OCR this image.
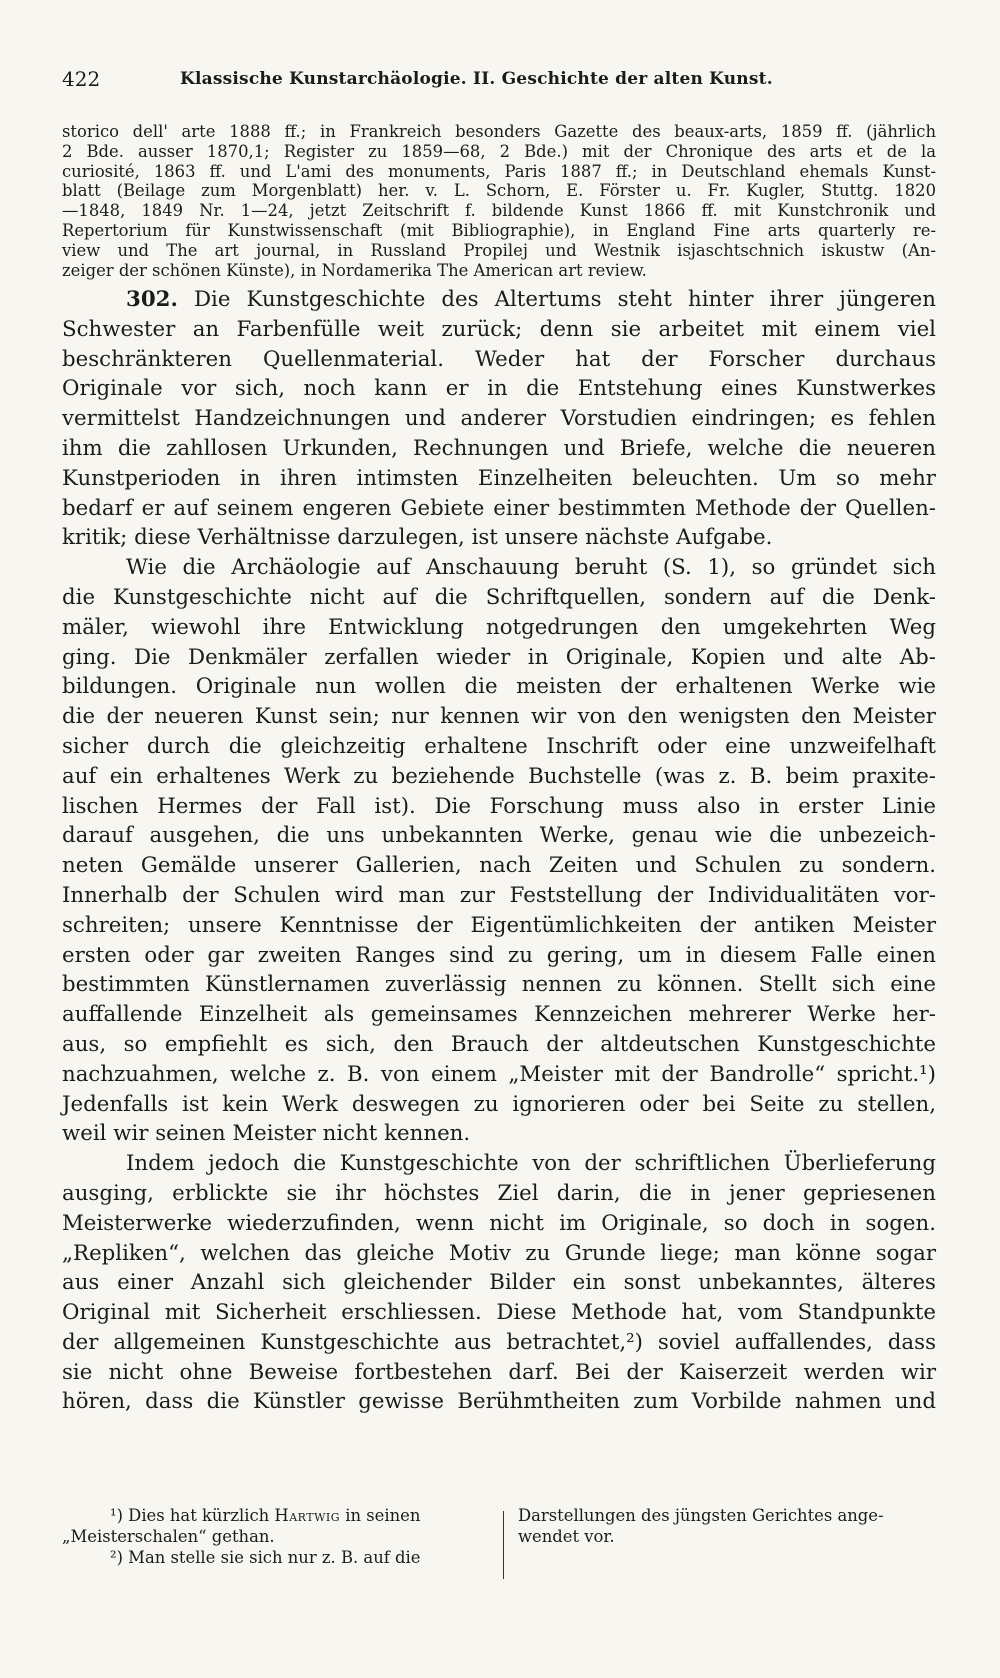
422	Klassische Kunstarchäologie. II. Geschichte der alten Kunst.
storico dell' arte 1888 ff.; in Frankreich besonders Gazette des beaux-arts, 1859 ff. (jährlich
2 Bde. ausser 1870,1; Register zu 1859—68, 2 Bde.) mit der Chronique des arts et de la
curiosité, 1863 ff. und L'ami des monuments, Paris 1887 ff.; in Deutschland ehemals Kunst-
blatt (Beilage zum Morgenblatt) her. v. L. Schorn, E. Förster u. Fr. Kugler, Stuttg. 1820
—1848, 1849 Nr. 1—24, jetzt Zeitschrift f. bildende Kunst 1866 ff. mit Kunstchronik und
Repertorium für Kunstwissenschaft (mit Bibliographie), in England Fine arts quarterly re-
view und The art journal, in Russland Propilej und Westnik isjaschtschnich iskustw (An-
zeiger der schönen Künste), in Nordamerika The American art review.
302. Die Kunstgeschichte des Altertums steht hinter ihrer jüngeren
Schwester an Farbenfülle weit zurück; denn sie arbeitet mit einem viel
beschränkteren Quellenmaterial. Weder hat der Forscher durchaus
Originale vor sich, noch kann er in die Entstehung eines Kunstwerkes
vermittelst Handzeichnungen und anderer Vorstudien eindringen; es fehlen
ihm die zahllosen Urkunden, Rechnungen und Briefe, welche die neueren
Kunstperioden in ihren intimsten Einzelheiten beleuchten. Um so mehr
bedarf er auf seinem engeren Gebiete einer bestimmten Methode der Quellen-
kritik; diese Verhältnisse darzulegen, ist unsere nächste Aufgabe.
Wie die Archäologie auf Anschauung beruht (S. 1), so gründet sich
die Kunstgeschichte nicht auf die Schriftquellen, sondern auf die Denk-
mäler, wiewohl ihre Entwicklung notgedrungen den umgekehrten Weg
ging. Die Denkmäler zerfallen wieder in Originale, Kopien und alte Ab-
bildungen. Originale nun wollen die meisten der erhaltenen Werke wie
die der neueren Kunst sein; nur kennen wir von den wenigsten den Meister
sicher durch die gleichzeitig erhaltene Inschrift oder eine unzweifelhaft
auf ein erhaltenes Werk zu beziehende Buchstelle (was z. B. beim praxite-
lischen Hermes der Fall ist). Die Forschung muss also in erster Linie
darauf ausgehen, die uns unbekannten Werke, genau wie die unbezeich-
neten Gemälde unserer Gallerien, nach Zeiten und Schulen zu sondern.
Innerhalb der Schulen wird man zur Feststellung der Individualitäten vor-
schreiten; unsere Kenntnisse der Eigentümlichkeiten der antiken Meister
ersten oder gar zweiten Ranges sind zu gering, um in diesem Falle einen
bestimmten Künstlernamen zuverlässig nennen zu können. Stellt sich eine
auffallende Einzelheit als gemeinsames Kennzeichen mehrerer Werke her-
aus, so empfiehlt es sich, den Brauch der altdeutschen Kunstgeschichte
nachzuahmen, welche z. B. von einem „Meister mit der Bandrolle“ spricht.¹)
Jedenfalls ist kein Werk deswegen zu ignorieren oder bei Seite zu stellen,
weil wir seinen Meister nicht kennen.
Indem jedoch die Kunstgeschichte von der schriftlichen Überlieferung
ausging, erblickte sie ihr höchstes Ziel darin, die in jener gepriesenen
Meisterwerke wiederzufinden, wenn nicht im Originale, so doch in sogen.
„Repliken“, welchen das gleiche Motiv zu Grunde liege; man könne sogar
aus einer Anzahl sich gleichender Bilder ein sonst unbekanntes, älteres
Original mit Sicherheit erschliessen. Diese Methode hat, vom Standpunkte
der allgemeinen Kunstgeschichte aus betrachtet,²) soviel auffallendes, dass
sie nicht ohne Beweise fortbestehen darf. Bei der Kaiserzeit werden wir
hören, dass die Künstler gewisse Berühmtheiten zum Vorbilde nahmen und
¹) Dies hat kürzlich Hartwig in seinen
„Meisterschalen“ gethan.
²) Man stelle sie sich nur z. B. auf die
Darstellungen des jüngsten Gerichtes ange-
wendet vor.
